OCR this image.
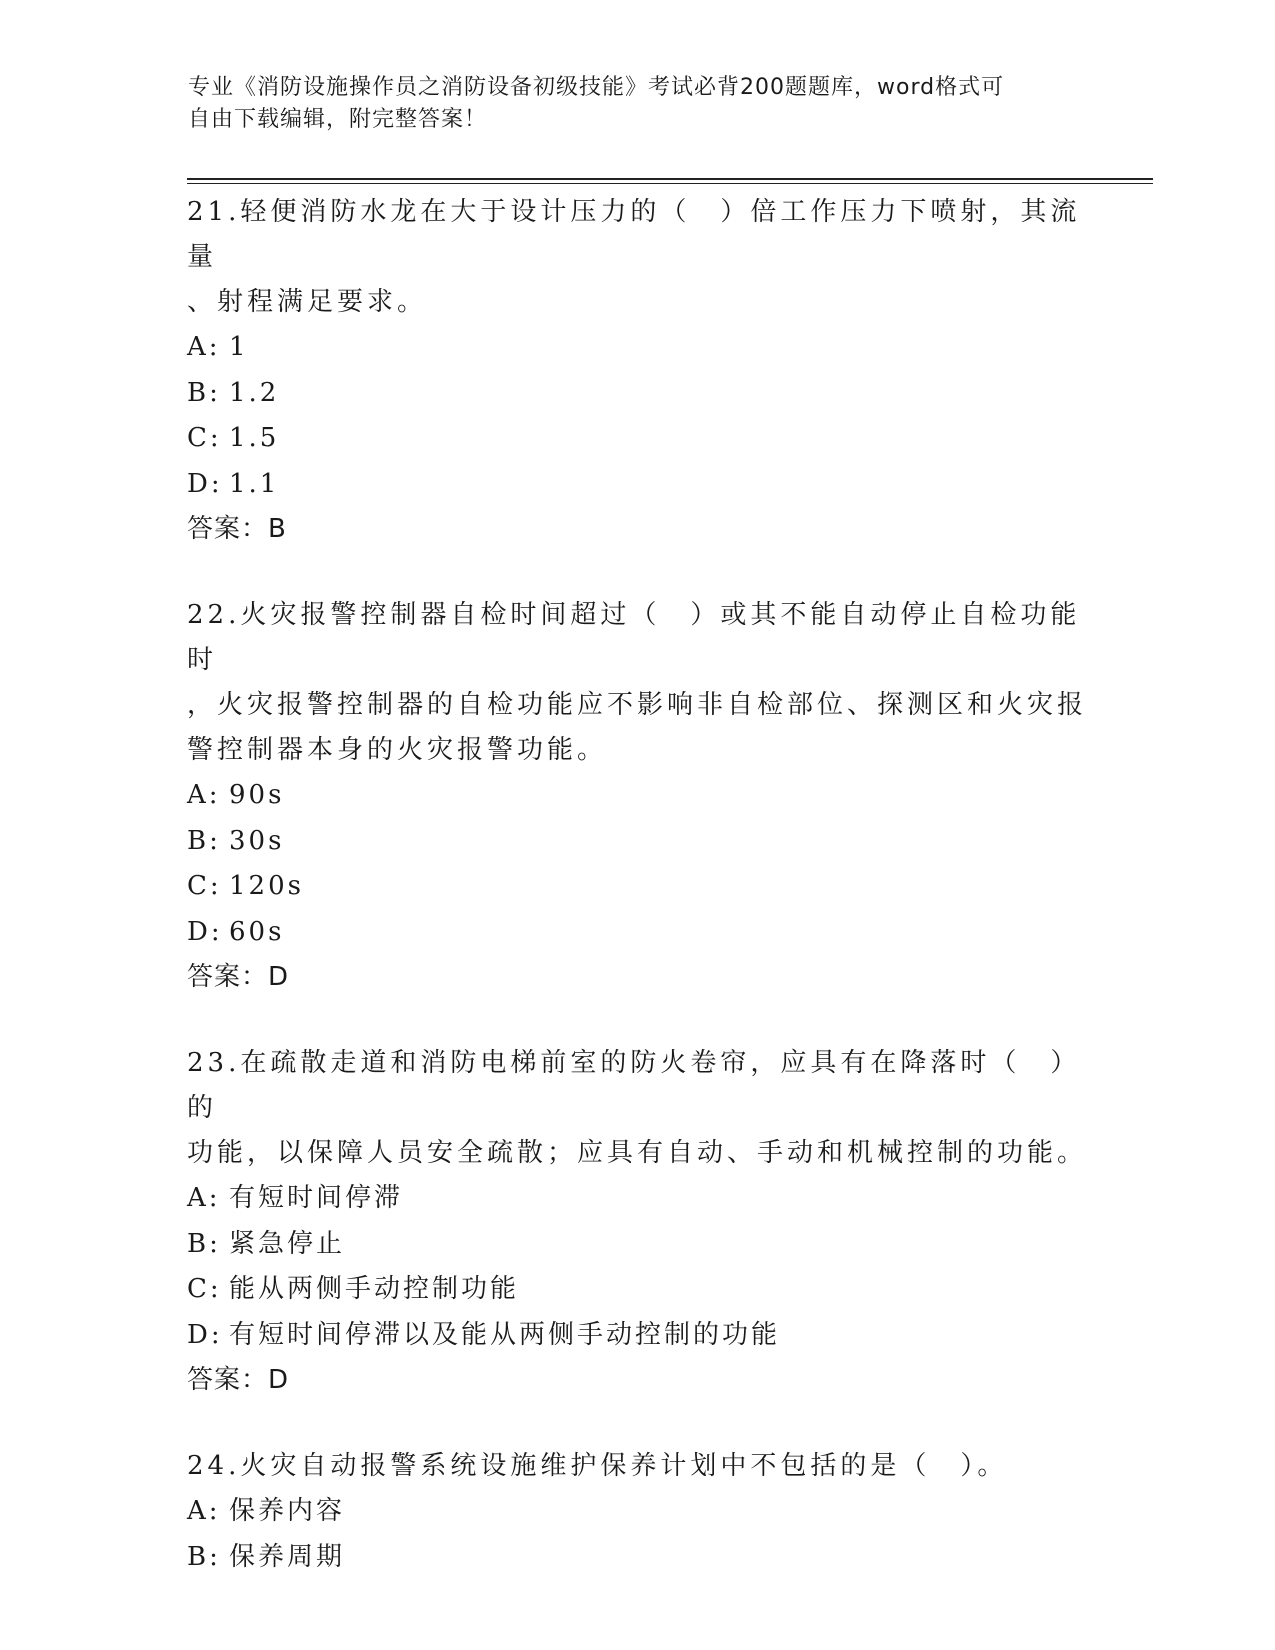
专业《消防设施操作员之消防设备初级技能》考试必背200题题库，word格式可
自由下载编辑，附完整答案！
21.轻便消防水龙在大于设计压力的（　）倍工作压力下喷射，其流量
、射程满足要求。
A: 1
B: 1.2
C: 1.5
D: 1.1
答案：B
22.火灾报警控制器自检时间超过（　）或其不能自动停止自检功能时
，火灾报警控制器的自检功能应不影响非自检部位、探测区和火灾报
警控制器本身的火灾报警功能。
A: 90s
B: 30s
C: 120s
D: 60s
答案：D
23.在疏散走道和消防电梯前室的防火卷帘，应具有在降落时（　）的
功能，以保障人员安全疏散；应具有自动、手动和机械控制的功能。
A: 有短时间停滞
B: 紧急停止
C: 能从两侧手动控制功能
D: 有短时间停滞以及能从两侧手动控制的功能
答案：D
24.火灾自动报警系统设施维护保养计划中不包括的是（　）。
A: 保养内容
B: 保养周期
